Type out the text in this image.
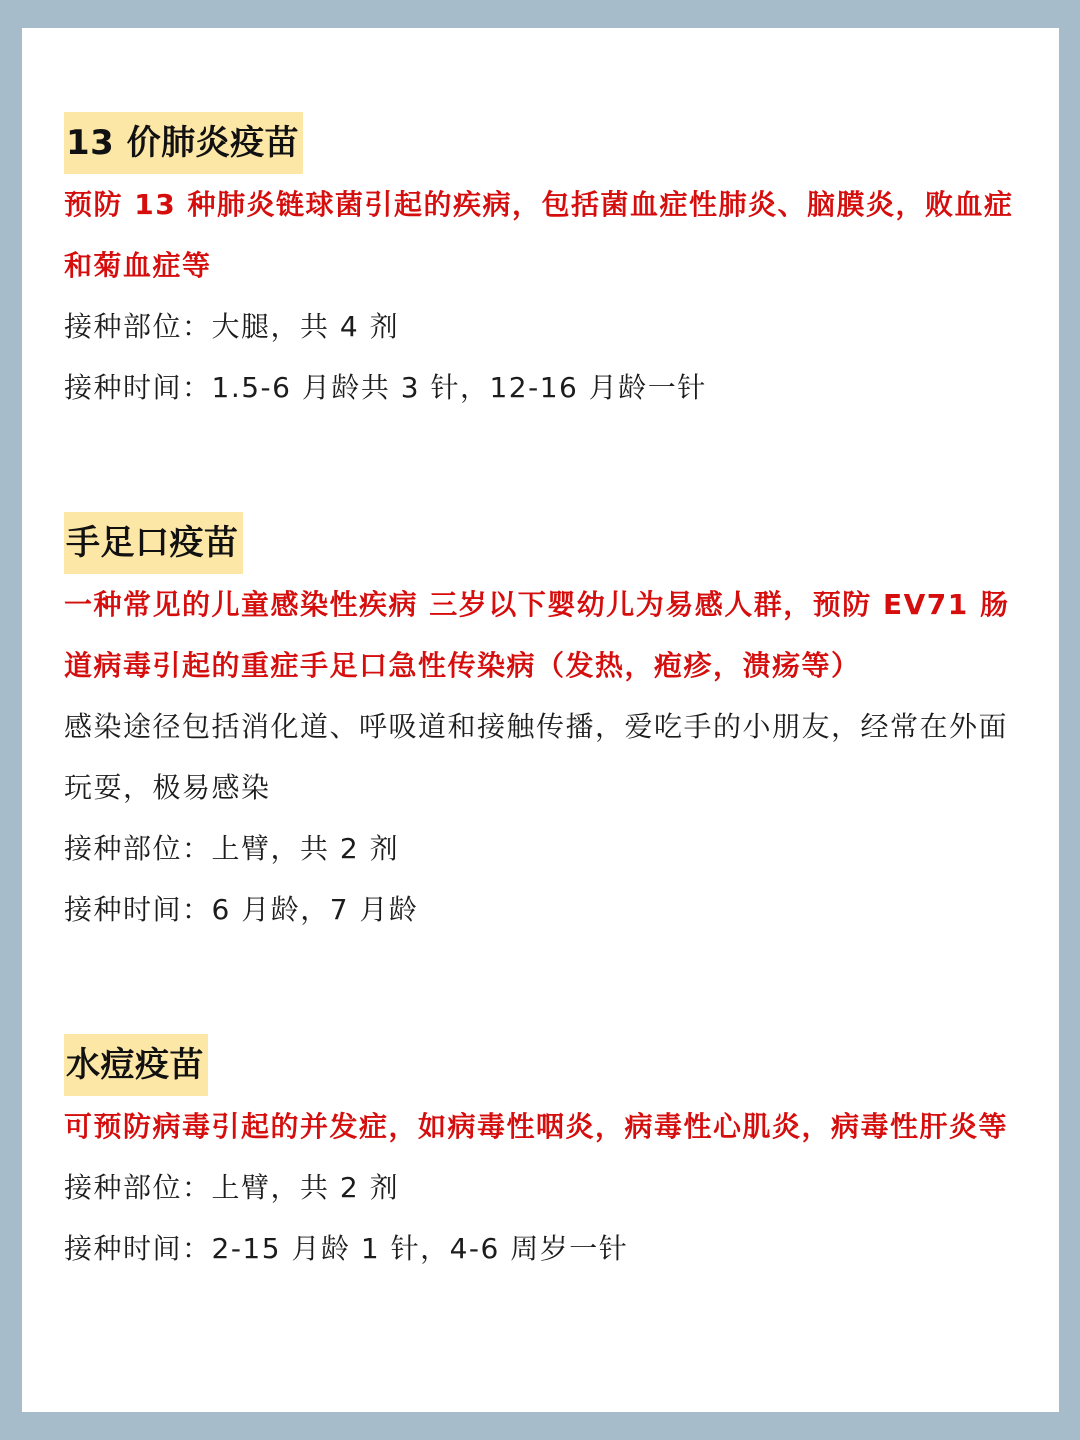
13 价肺炎疫苗

预防 13 种肺炎链球菌引起的疾病，包括菌血症性肺炎、脑膜炎，败血症和菊血症等

接种部位：大腿，共 4 剂

接种时间：1.5-6 月龄共 3 针，12-16 月龄一针

手足口疫苗

一种常见的儿童感染性疾病 三岁以下婴幼儿为易感人群，预防 EV71 肠道病毒引起的重症手足口急性传染病（发热，疱疹，溃疡等）

感染途径包括消化道、呼吸道和接触传播，爱吃手的小朋友，经常在外面玩耍，极易感染

接种部位：上臂，共 2 剂

接种时间：6 月龄，7 月龄

水痘疫苗

可预防病毒引起的并发症，如病毒性咽炎，病毒性心肌炎，病毒性肝炎等

接种部位：上臂，共 2 剂

接种时间：2-15 月龄 1 针，4-6 周岁一针
